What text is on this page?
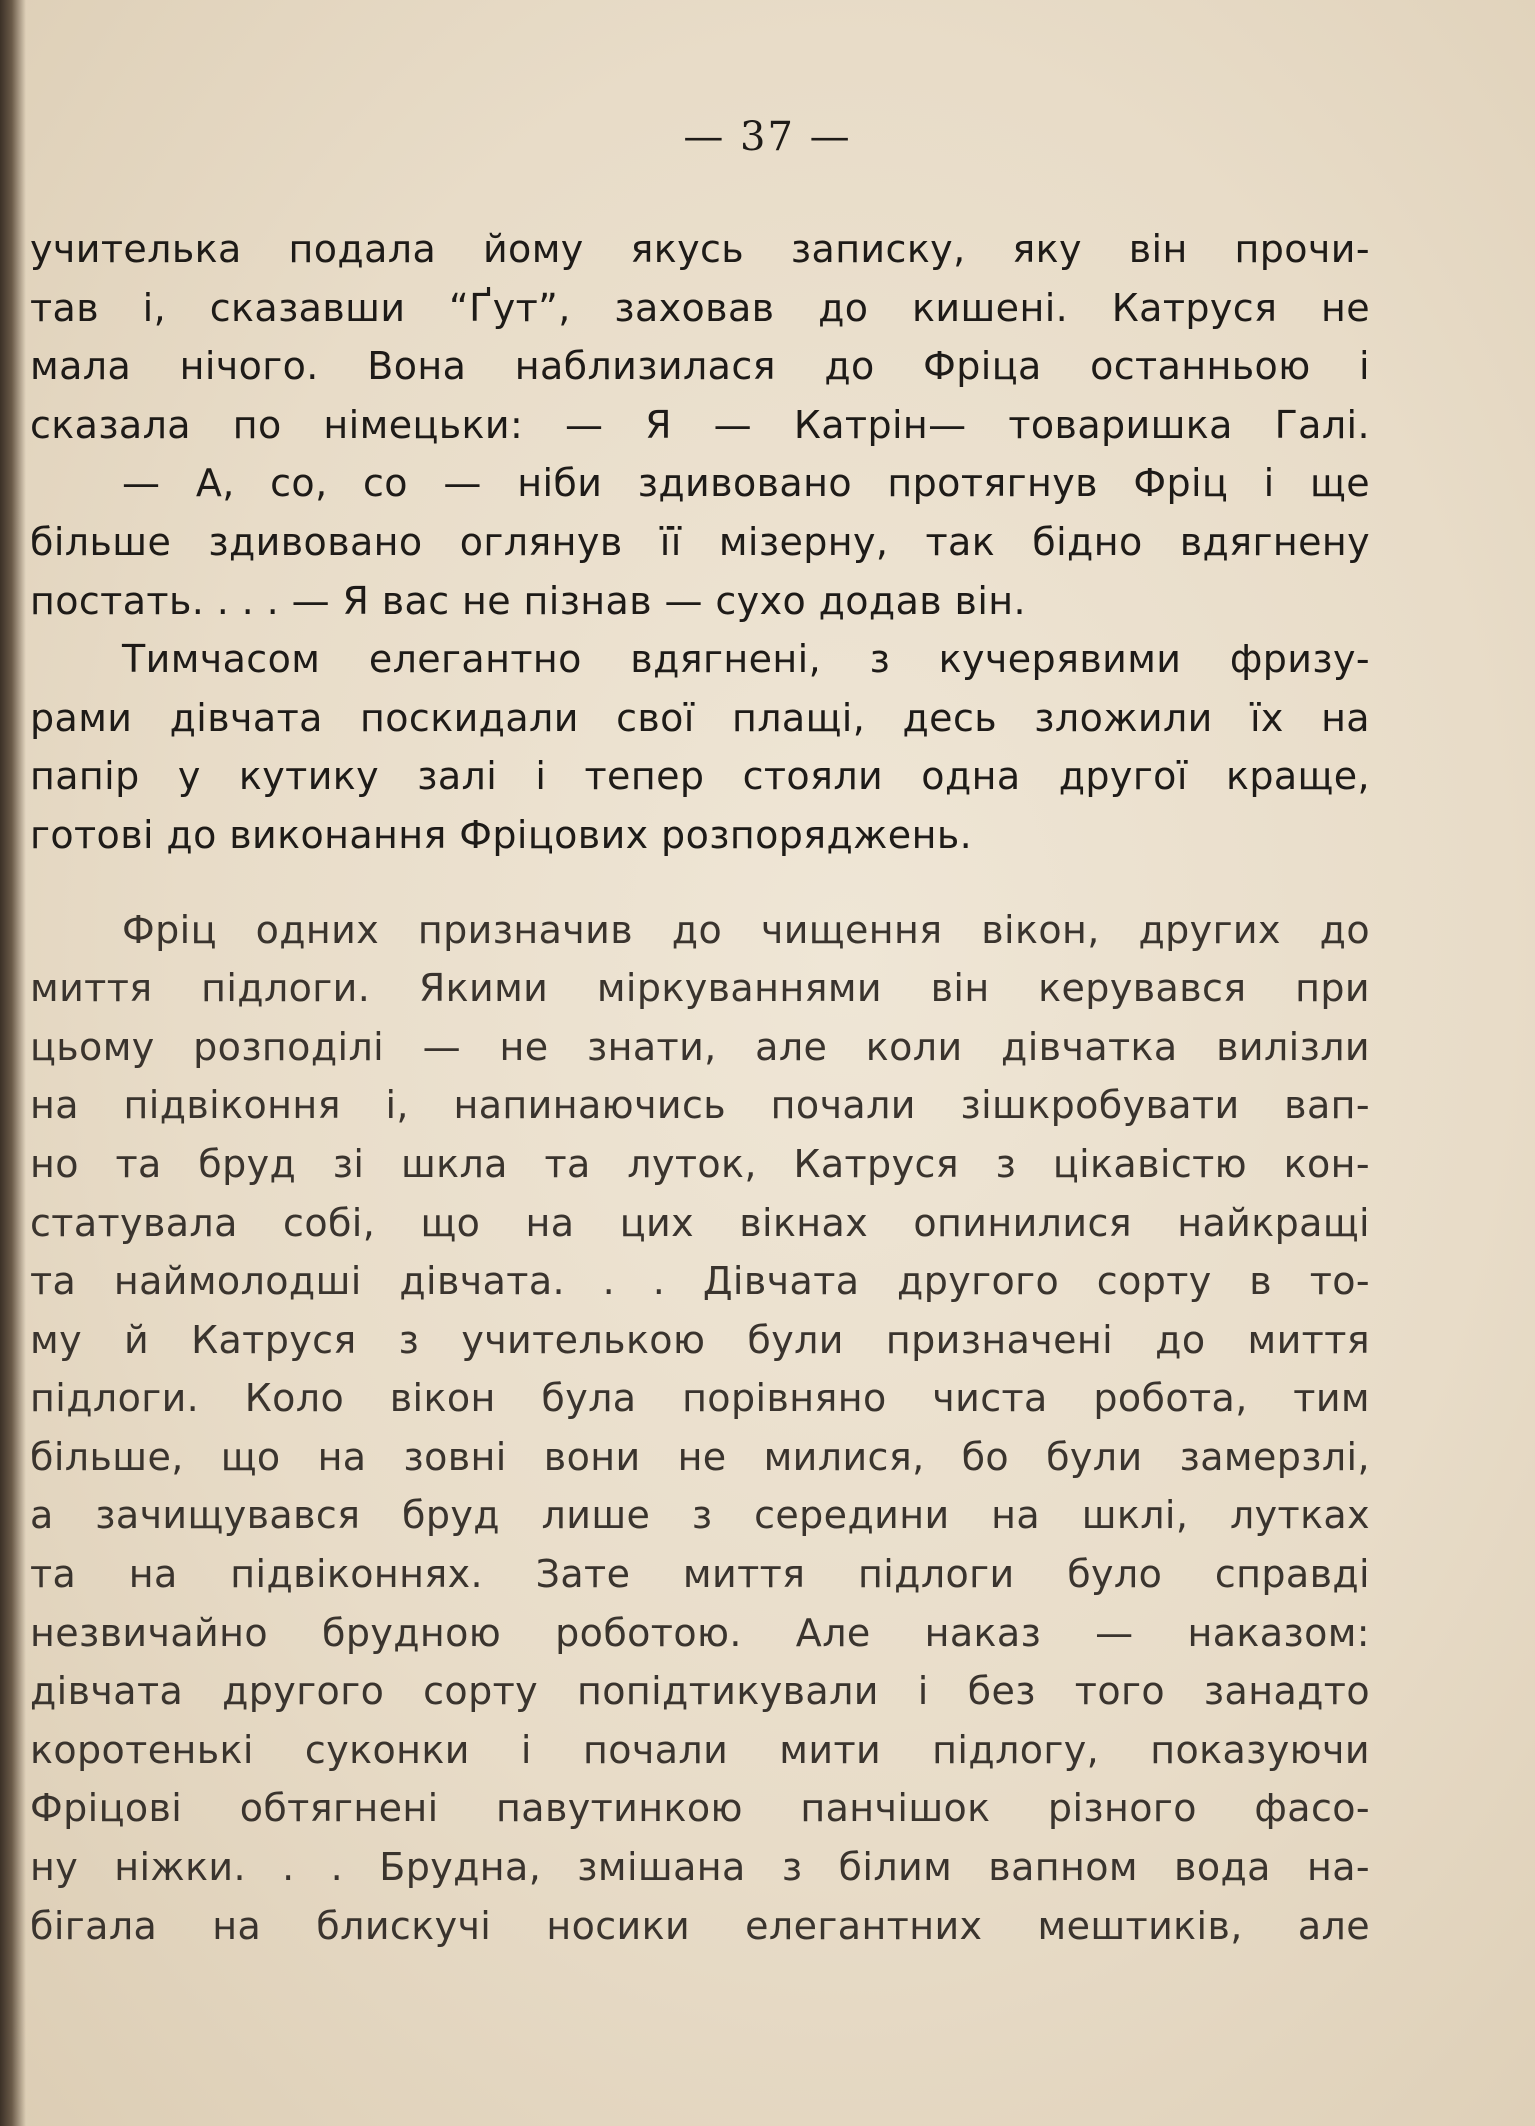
— 37 —
учителька подала йому якусь записку, яку він прочи-
тав і, сказавши “Ґут”, заховав до кишені. Катруся не
мала нічого. Вона наблизилася до Фріца останньою і
сказала по німецьки: — Я — Катрін— товаришка Галі.
— А, со, со — ніби здивовано протягнув Фріц і ще
більше здивовано оглянув її мізерну, так бідно вдягнену
постать. . . . — Я вас не пізнав — сухо додав він.
Тимчасом елегантно вдягнені, з кучерявими фризу-
рами дівчата поскидали свої плащі, десь зложили їх на
папір у кутику залі і тепер стояли одна другої краще,
готові до виконання Фріцових розпоряджень.
Фріц одних призначив до чищення вікон, других до
миття підлоги. Якими міркуваннями він керувався при
цьому розподілі — не знати, але коли дівчатка вилізли
на підвіконня і, напинаючись почали зішкробувати вап-
но та бруд зі шкла та луток, Катруся з цікавістю кон-
статувала собі, що на цих вікнах опинилися найкращі
та наймолодші дівчата. . . Дівчата другого сорту в то-
му й Катруся з учителькою були призначені до миття
підлоги. Коло вікон була порівняно чиста робота, тим
більше, що на зовні вони не милися, бо були замерзлі,
а зачищувався бруд лише з середини на шклі, лутках
та на підвіконнях. Зате миття підлоги було справді
незвичайно брудною роботою. Але наказ — наказом:
дівчата другого сорту попідтикували і без того занадто
коротенькі суконки і почали мити підлогу, показуючи
Фріцові обтягнені павутинкою панчішок різного фасо-
ну ніжки. . . Брудна, змішана з білим вапном вода на-
бігала на блискучі носики елегантних мештиків, але
